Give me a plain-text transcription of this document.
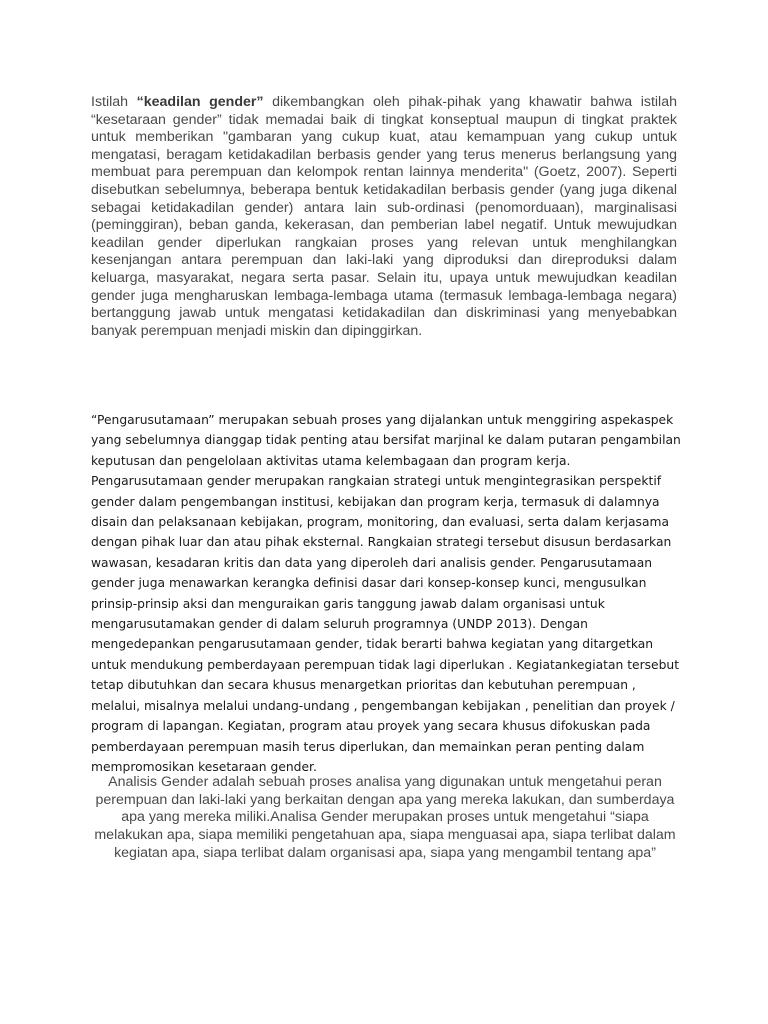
Istilah “keadilan gender” dikembangkan oleh pihak-pihak yang khawatir bahwa istilah “kesetaraan gender” tidak memadai baik di tingkat konseptual maupun di tingkat praktek untuk memberikan "gambaran yang cukup kuat, atau kemampuan yang cukup untuk mengatasi, beragam ketidakadilan berbasis gender yang terus menerus berlangsung yang membuat para perempuan dan kelompok rentan lainnya menderita" (Goetz, 2007). Seperti disebutkan sebelumnya, beberapa bentuk ketidakadilan berbasis gender (yang juga dikenal sebagai ketidakadilan gender) antara lain sub-ordinasi (penomorduaan), marginalisasi (peminggiran), beban ganda, kekerasan, dan pemberian label negatif. Untuk mewujudkan keadilan gender diperlukan rangkaian proses yang relevan untuk menghilangkan kesenjangan antara perempuan dan laki-laki yang diproduksi dan direproduksi dalam keluarga, masyarakat, negara serta pasar. Selain itu, upaya untuk mewujudkan keadilan gender juga mengharuskan lembaga-lembaga utama (termasuk lembaga-lembaga negara) bertanggung jawab untuk mengatasi ketidakadilan dan diskriminasi yang menyebabkan banyak perempuan menjadi miskin dan dipinggirkan.

“Pengarusutamaan” merupakan sebuah proses yang dijalankan untuk menggiring aspekaspek yang sebelumnya dianggap tidak penting atau bersifat marjinal ke dalam putaran pengambilan keputusan dan pengelolaan aktivitas utama kelembagaan dan program kerja. Pengarusutamaan gender merupakan rangkaian strategi untuk mengintegrasikan perspektif gender dalam pengembangan institusi, kebijakan dan program kerja, termasuk di dalamnya disain dan pelaksanaan kebijakan, program, monitoring, dan evaluasi, serta dalam kerjasama dengan pihak luar dan atau pihak eksternal. Rangkaian strategi tersebut disusun berdasarkan wawasan, kesadaran kritis dan data yang diperoleh dari analisis gender. Pengarusutamaan gender juga menawarkan kerangka definisi dasar dari konsep-konsep kunci, mengusulkan prinsip-prinsip aksi dan menguraikan garis tanggung jawab dalam organisasi untuk mengarusutamakan gender di dalam seluruh programnya (UNDP 2013). Dengan mengedepankan pengarusutamaan gender, tidak berarti bahwa kegiatan yang ditargetkan untuk mendukung pemberdayaan perempuan tidak lagi diperlukan . Kegiatankegiatan tersebut tetap dibutuhkan dan secara khusus menargetkan prioritas dan kebutuhan perempuan , melalui, misalnya melalui undang-undang , pengembangan kebijakan , penelitian dan proyek / program di lapangan. Kegiatan, program atau proyek yang secara khusus difokuskan pada pemberdayaan perempuan masih terus diperlukan, dan memainkan peran penting dalam mempromosikan kesetaraan gender.

Analisis Gender adalah sebuah proses analisa yang digunakan untuk mengetahui peran perempuan dan laki-laki yang berkaitan dengan apa yang mereka lakukan, dan sumberdaya apa yang mereka miliki.Analisa Gender merupakan proses untuk mengetahui “siapa melakukan apa, siapa memiliki pengetahuan apa, siapa menguasai apa, siapa terlibat dalam kegiatan apa, siapa terlibat dalam organisasi apa, siapa yang mengambil tentang apa”
